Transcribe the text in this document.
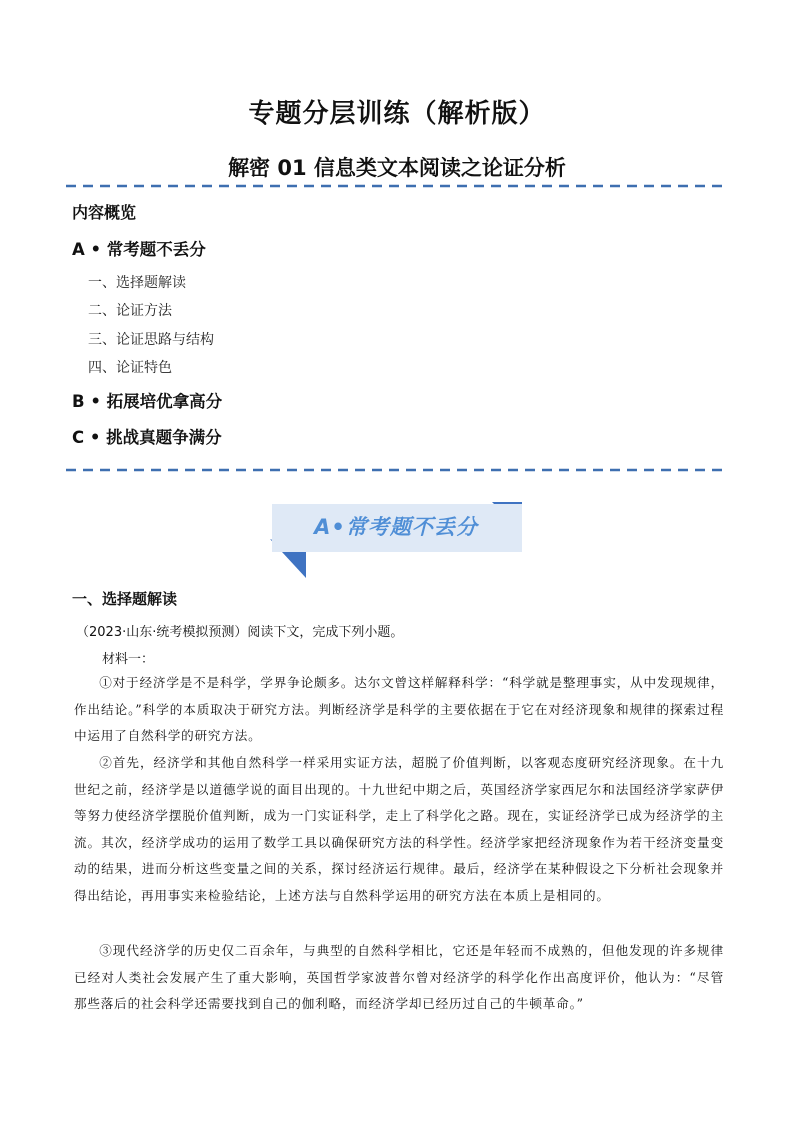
专题分层训练（解析版）
解密 01 信息类文本阅读之论证分析
内容概览
A • 常考题不丢分
一、选择题解读
二、论证方法
三、论证思路与结构
四、论证特色
B • 拓展培优拿高分
C • 挑战真题争满分
A•常考题不丢分
一、选择题解读
（2023·山东·统考模拟预测）阅读下文，完成下列小题。
材料一：
①对于经济学是不是科学，学界争论颇多。达尔文曾这样解释科学：“科学就是整理事实，从中发现规律，作出结论。”科学的本质取决于研究方法。判断经济学是科学的主要依据在于它在对经济现象和规律的探索过程中运用了自然科学的研究方法。
②首先，经济学和其他自然科学一样采用实证方法，超脱了价值判断，以客观态度研究经济现象。在十九世纪之前，经济学是以道德学说的面目出现的。十九世纪中期之后，英国经济学家西尼尔和法国经济学家萨伊等努力使经济学摆脱价值判断，成为一门实证科学，走上了科学化之路。现在，实证经济学已成为经济学的主流。其次，经济学成功的运用了数学工具以确保研究方法的科学性。经济学家把经济现象作为若干经济变量变动的结果，进而分析这些变量之间的关系，探讨经济运行规律。最后，经济学在某种假设之下分析社会现象并得出结论，再用事实来检验结论，上述方法与自然科学运用的研究方法在本质上是相同的。
③现代经济学的历史仅二百余年，与典型的自然科学相比，它还是年轻而不成熟的，但他发现的许多规律已经对人类社会发展产生了重大影响，英国哲学家波普尔曾对经济学的科学化作出高度评价，他认为：“尽管那些落后的社会科学还需要找到自己的伽利略，而经济学却已经历过自己的牛顿革命。”
